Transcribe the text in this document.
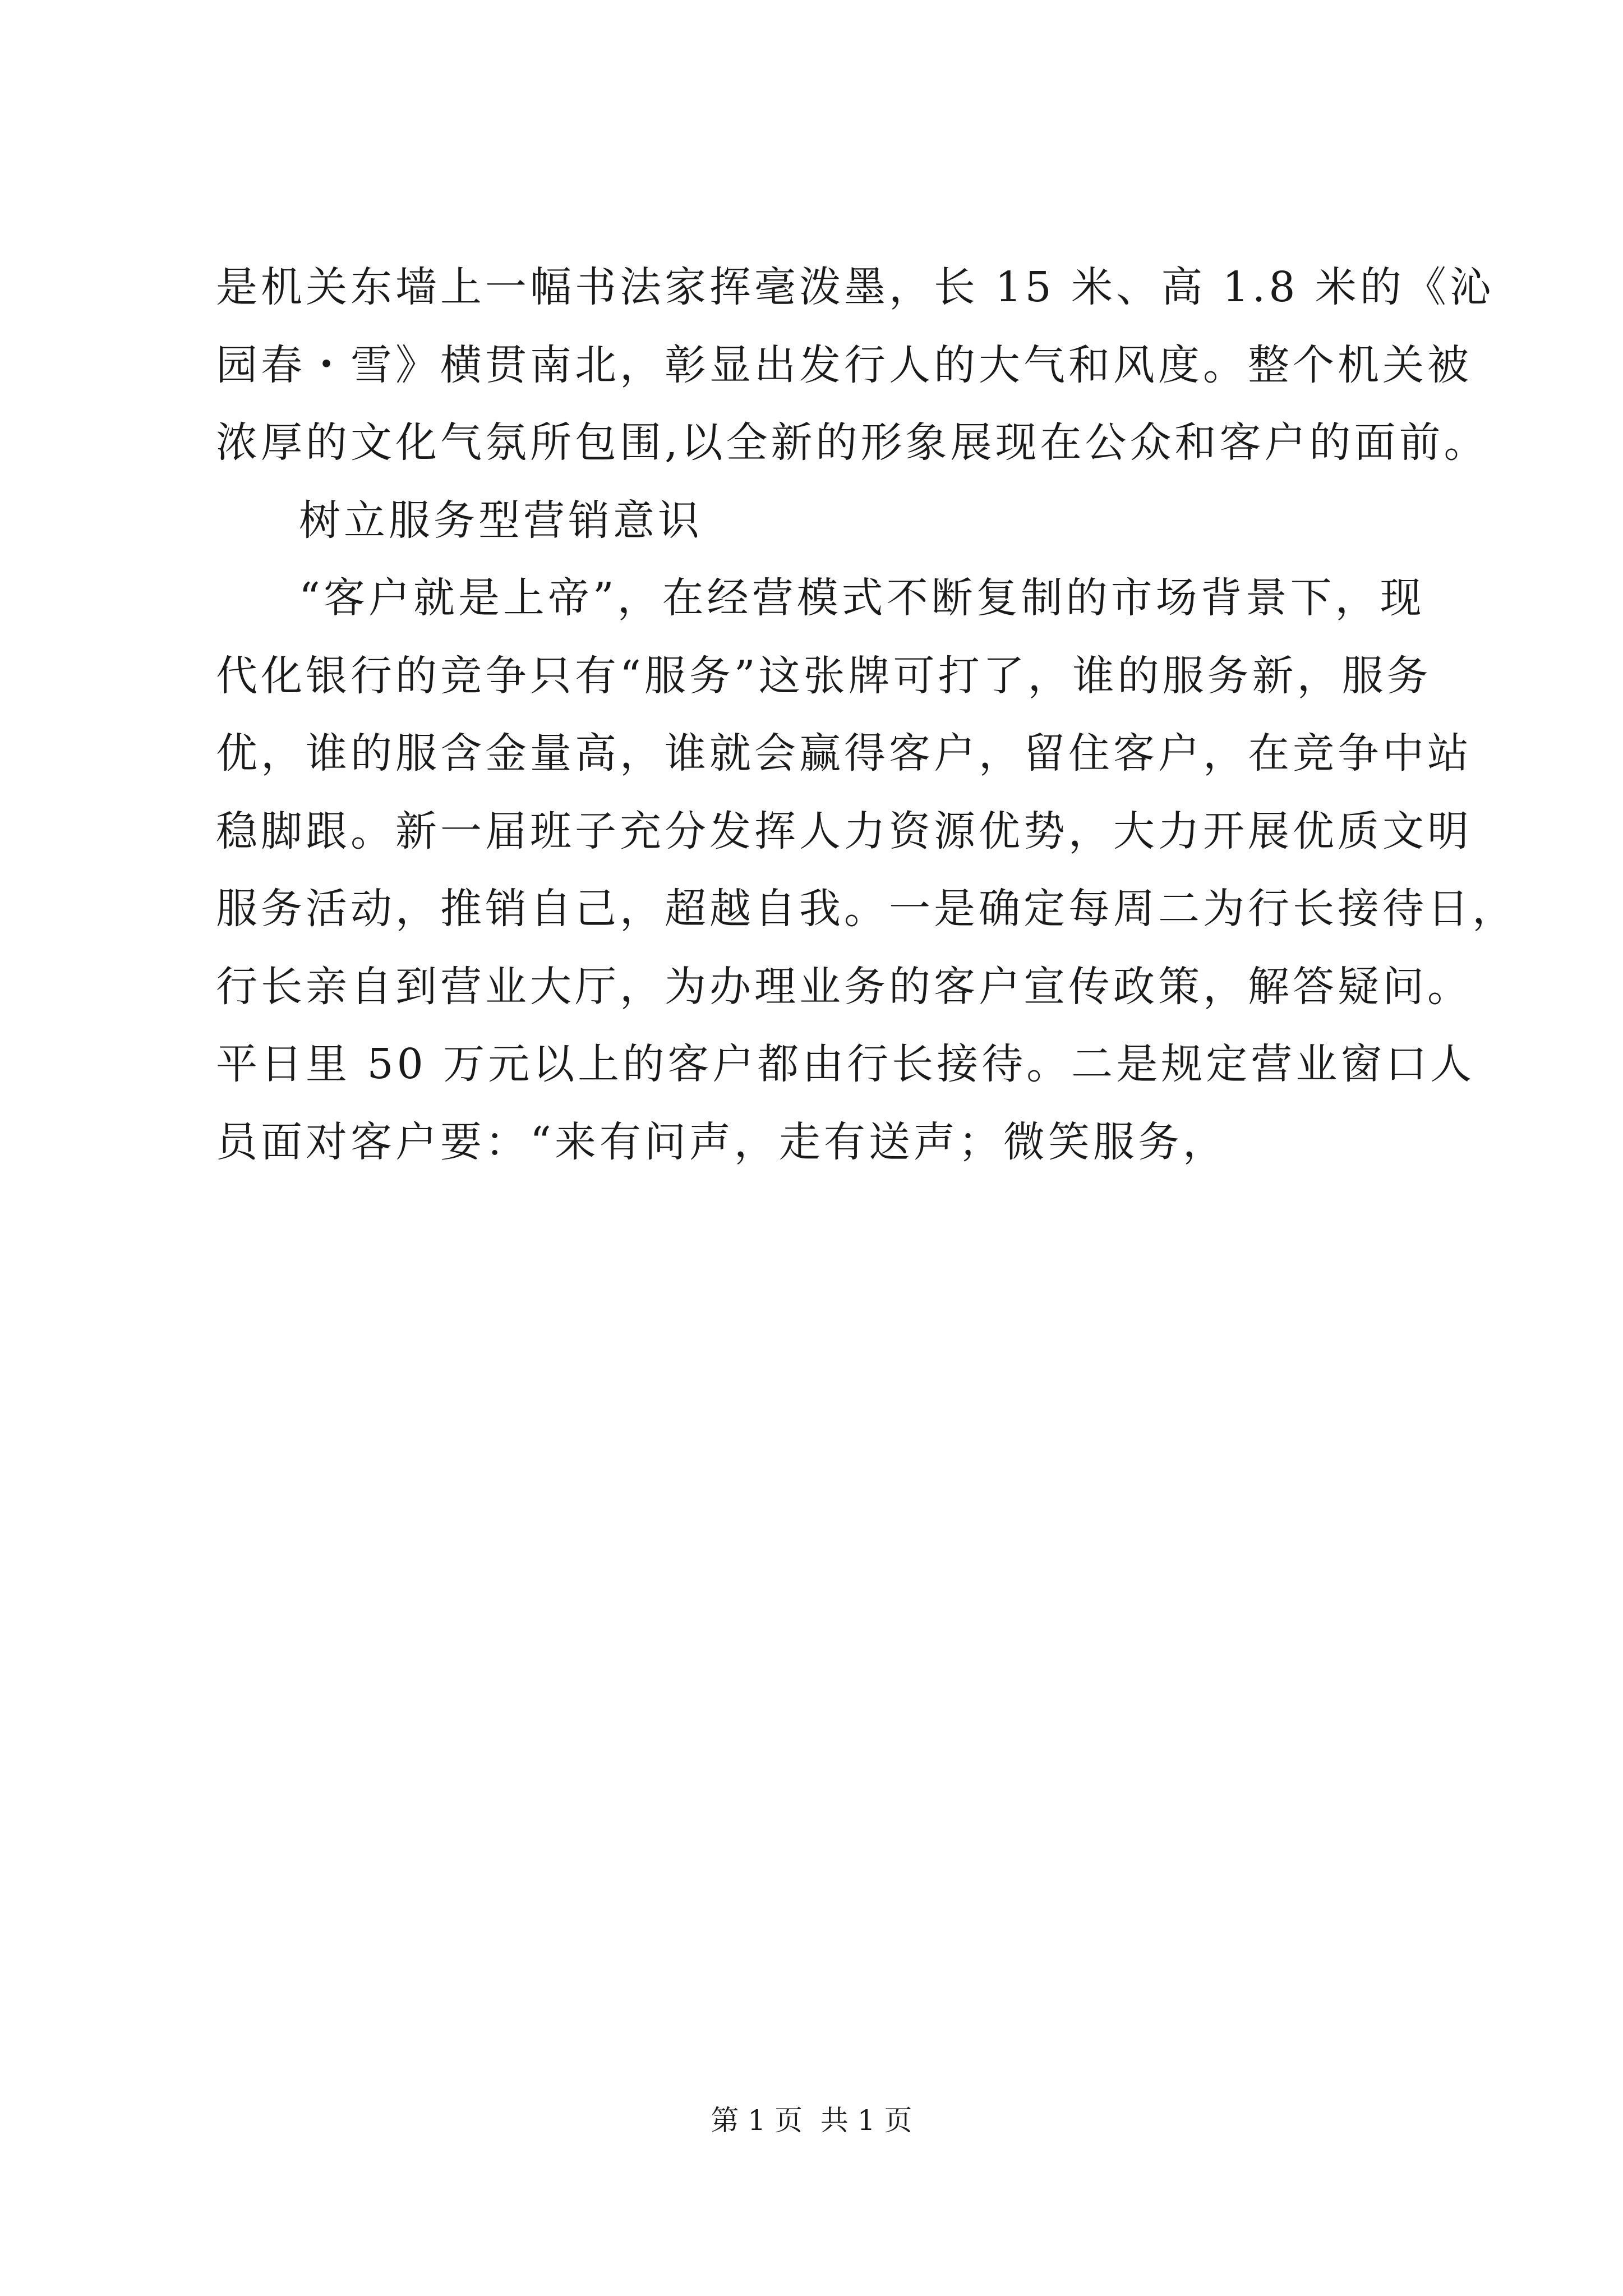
是机关东墙上一幅书法家挥毫泼墨，长 15 米、高 1.8 米的《沁
园春・雪》横贯南北，彰显出发行人的大气和风度。整个机关被
浓厚的文化气氛所包围,以全新的形象展现在公众和客户的面前。
树立服务型营销意识
“客户就是上帝”，在经营模式不断复制的市场背景下，现
代化银行的竞争只有“服务”这张牌可打了，谁的服务新，服务
优，谁的服含金量高，谁就会赢得客户，留住客户，在竞争中站
稳脚跟。新一届班子充分发挥人力资源优势，大力开展优质文明
服务活动，推销自己，超越自我。一是确定每周二为行长接待日，
行长亲自到营业大厅，为办理业务的客户宣传政策，解答疑问。
平日里 50 万元以上的客户都由行长接待。二是规定营业窗口人
员面对客户要：“来有问声，走有送声；微笑服务，
第 1 页  共 1 页
